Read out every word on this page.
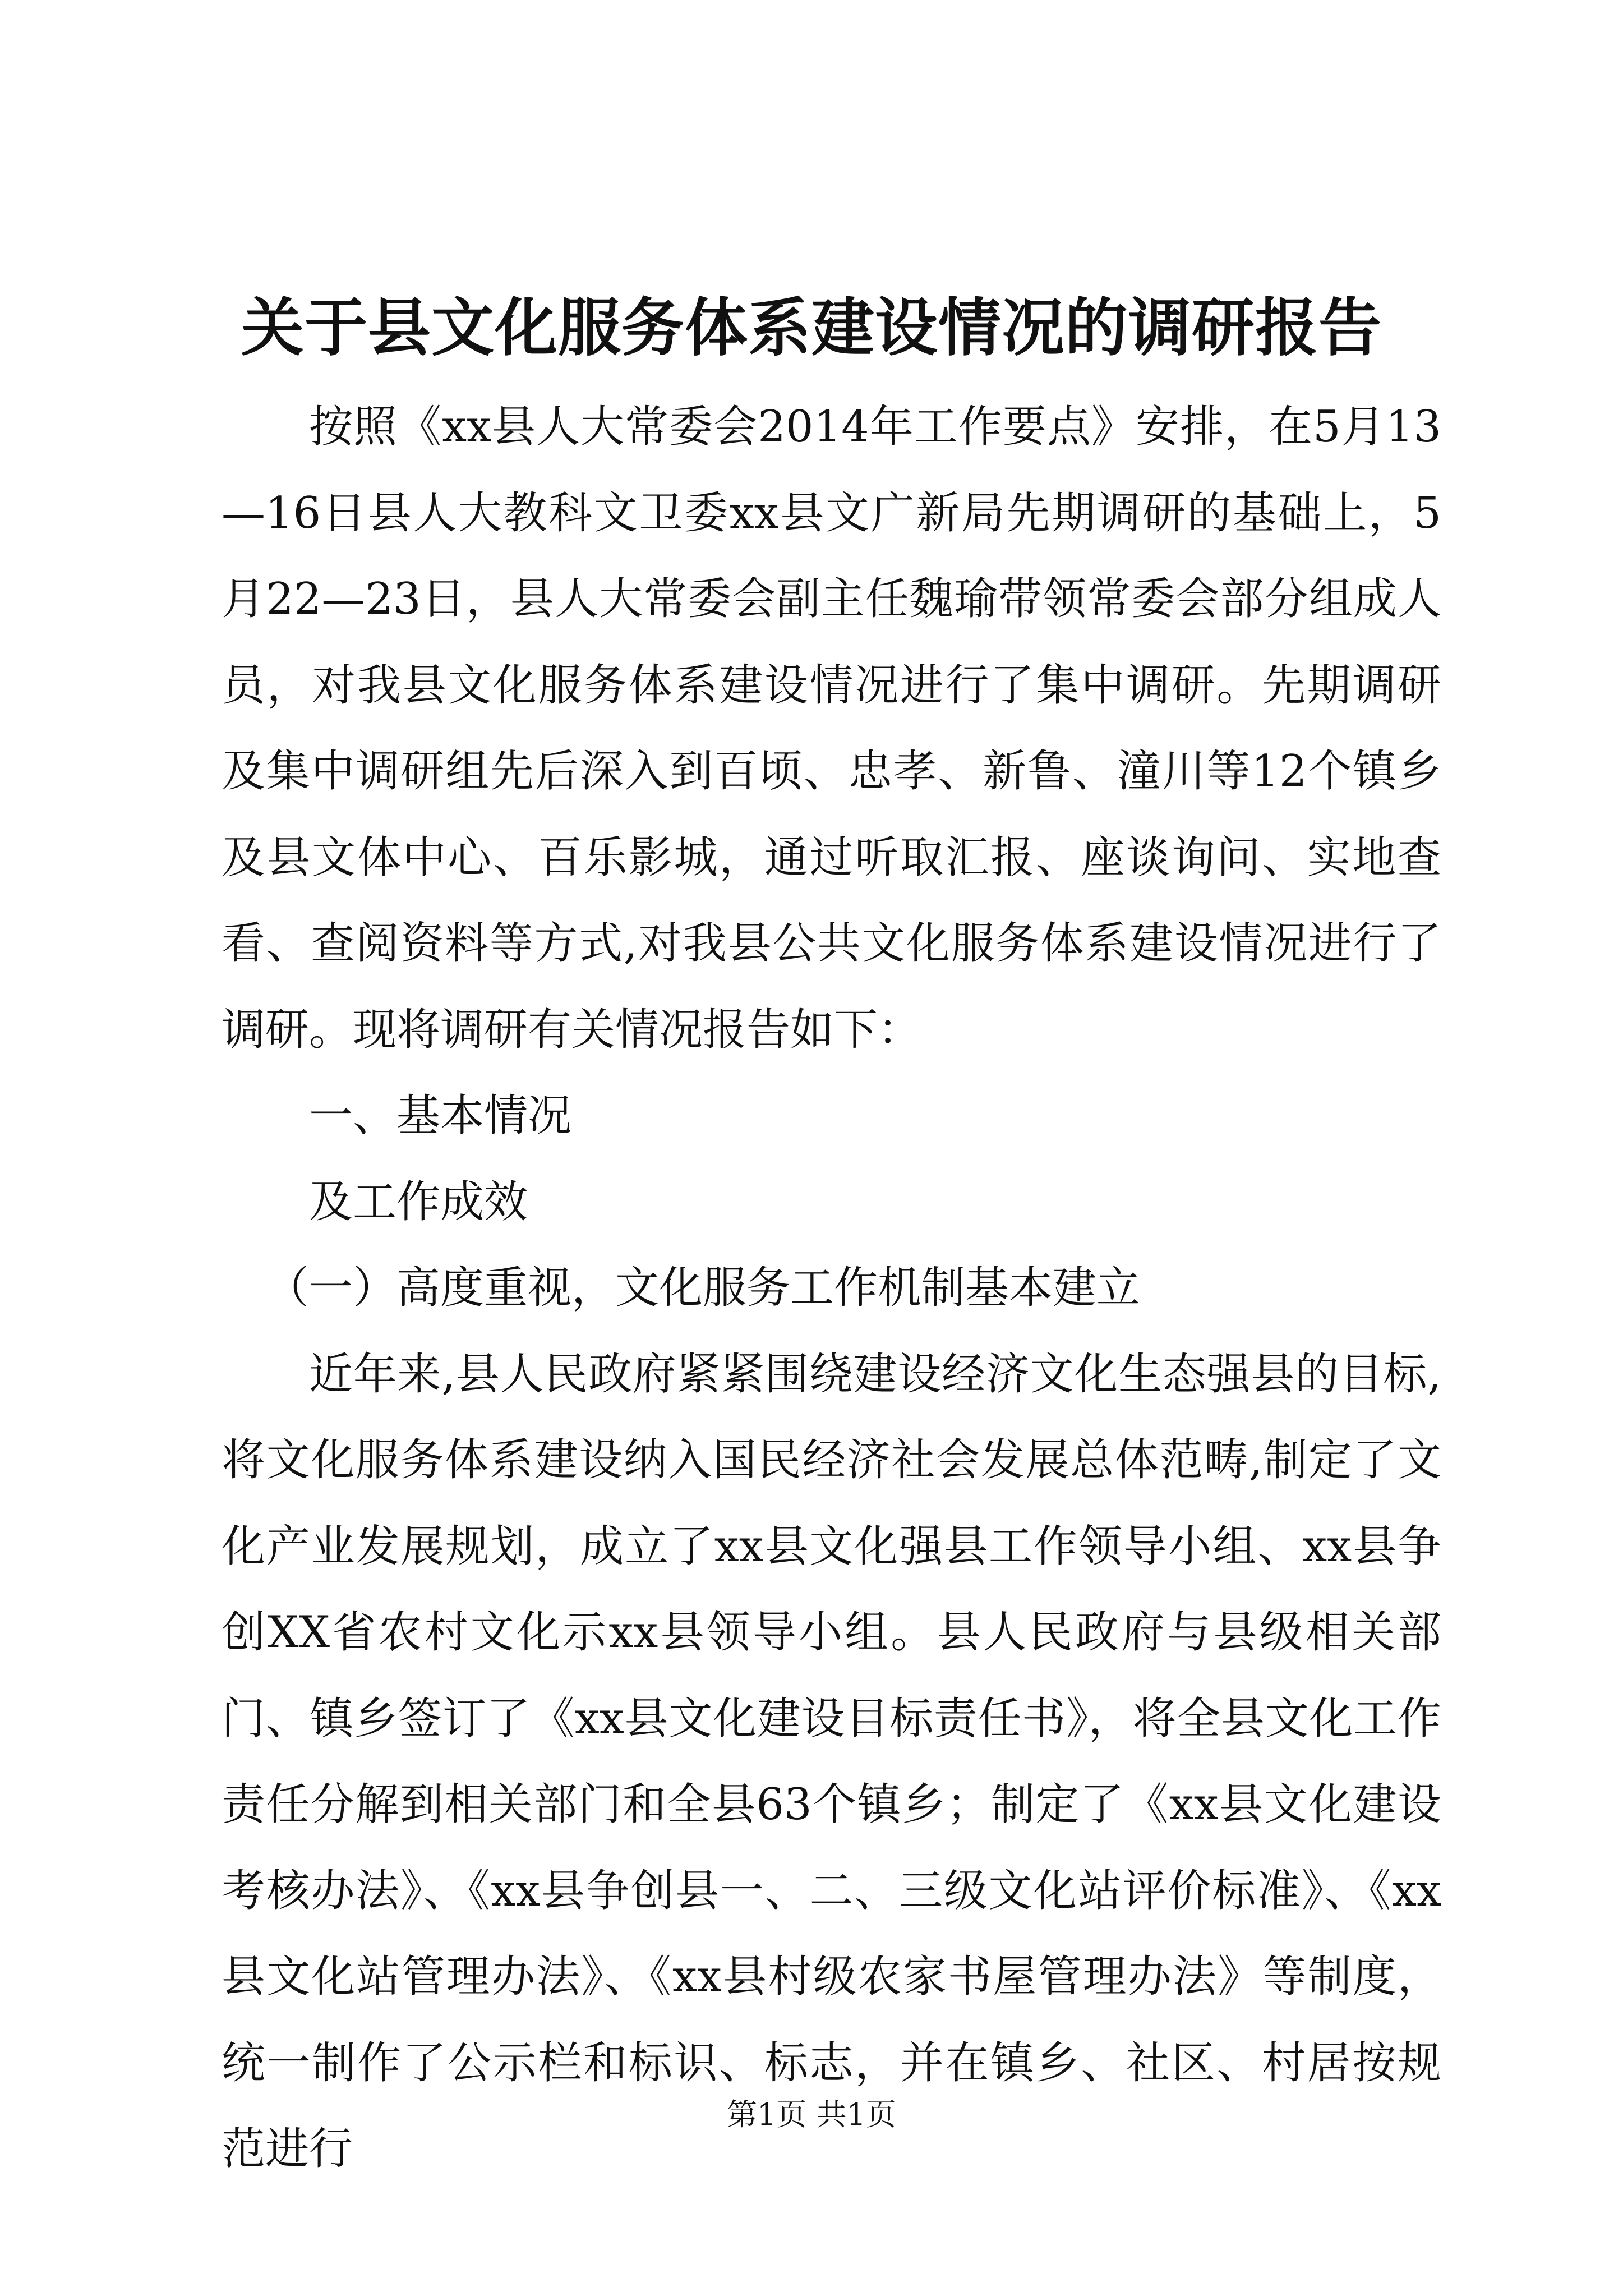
关于县文化服务体系建设情况的调研报告

按照《xx县人大常委会2014年工作要点》安排，在5月13—16日县人大教科文卫委xx县文广新局先期调研的基础上，5月22—23日，县人大常委会副主任魏瑜带领常委会部分组成人员，对我县文化服务体系建设情况进行了集中调研。先期调研及集中调研组先后深入到百顷、忠孝、新鲁、潼川等12个镇乡及县文体中心、百乐影城，通过听取汇报、座谈询问、实地查看、查阅资料等方式,对我县公共文化服务体系建设情况进行了调研。现将调研有关情况报告如下：

一、基本情况

及工作成效

（一）高度重视，文化服务工作机制基本建立

近年来,县人民政府紧紧围绕建设经济文化生态强县的目标,将文化服务体系建设纳入国民经济社会发展总体范畴,制定了文化产业发展规划，成立了xx县文化强县工作领导小组、xx县争创XX省农村文化示xx县领导小组。县人民政府与县级相关部门、镇乡签订了《xx县文化建设目标责任书》，将全县文化工作责任分解到相关部门和全县63个镇乡；制定了《xx县文化建设考核办法》、《xx县争创县一、二、三级文化站评价标准》、《xx县文化站管理办法》、《xx县村级农家书屋管理办法》等制度，统一制作了公示栏和标识、标志，并在镇乡、社区、村居按规范进行

第1页 共1页
